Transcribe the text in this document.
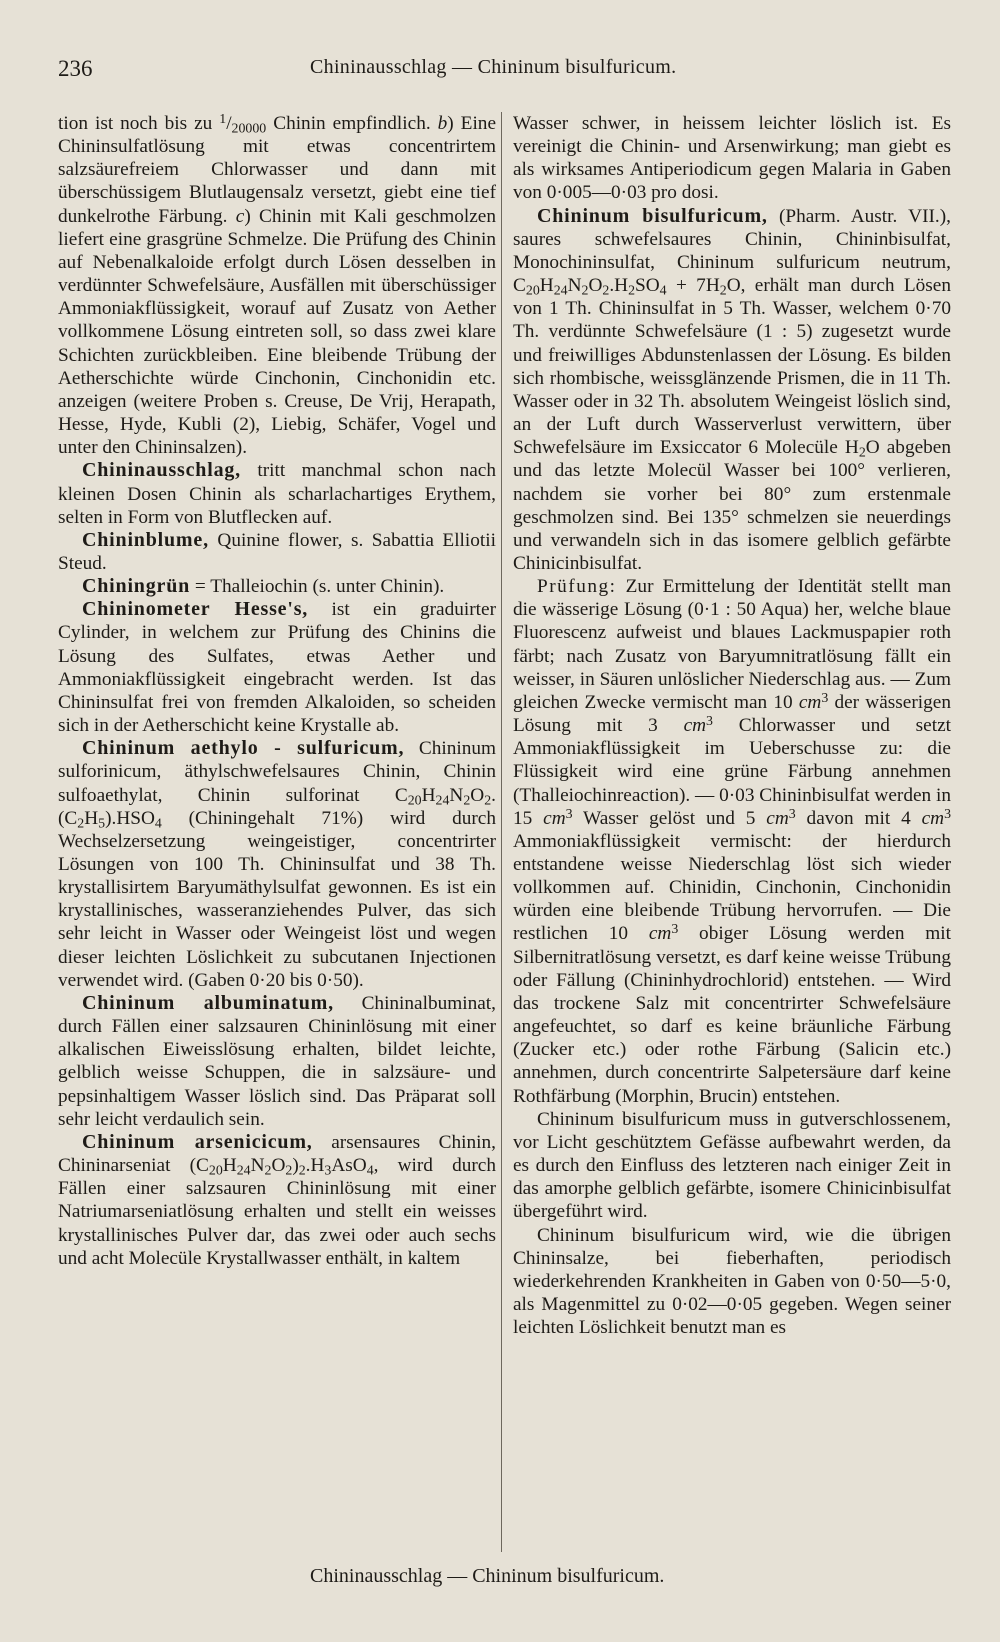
236	Chininausschlag — Chininum bisulfuricum.

tion ist noch bis zu $^1/_{20000}$ Chinin empfindlich. b) Eine Chininsulfatlösung mit etwas concentrirtem salzsäurefreiem Chlorwasser und dann mit überschüssigem Blutlaugensalz versetzt, giebt eine tief dunkelrothe Färbung. c) Chinin mit Kali geschmolzen liefert eine grasgrüne Schmelze. Die Prüfung des Chinin auf Nebenalkaloide erfolgt durch Lösen desselben in verdünnter Schwefelsäure, Ausfällen mit überschüssiger Ammoniakflüssigkeit, worauf auf Zusatz von Aether vollkommene Lösung eintreten soll, so dass zwei klare Schichten zurückbleiben. Eine bleibende Trübung der Aetherschichte würde Cinchonin, Cinchonidin etc. anzeigen (weitere Proben s. Creuse, De Vrij, Herapath, Hesse, Hyde, Kubli (2), Liebig, Schäfer, Vogel und unter den Chininsalzen).

Chininausschlag, tritt manchmal schon nach kleinen Dosen Chinin als scharlachartiges Erythem, selten in Form von Blutflecken auf.

Chininblume, Quinine flower, s. Sabattia Elliotii Steud.

Chiningrün = Thalleiochin (s. unter Chinin).

Chininometer Hesse's, ist ein graduirter Cylinder, in welchem zur Prüfung des Chinins die Lösung des Sulfates, etwas Aether und Ammoniakflüssigkeit eingebracht werden. Ist das Chininsulfat frei von fremden Alkaloiden, so scheiden sich in der Aetherschicht keine Krystalle ab.

Chininum aethylo - sulfuricum, Chininum sulforinicum, äthylschwefelsaures Chinin, Chinin sulfoaethylat, Chinin sulforinat $C_{20}H_{24}N_2O_2.(C_2H_5).HSO_4$ (Chiningehalt 71%) wird durch Wechselzersetzung weingeistiger, concentrirter Lösungen von 100 Th. Chininsulfat und 38 Th. krystallisirtem Baryumäthylsulfat gewonnen. Es ist ein krystallinisches, wasseranziehendes Pulver, das sich sehr leicht in Wasser oder Weingeist löst und wegen dieser leichten Löslichkeit zu subcutanen Injectionen verwendet wird. (Gaben 0·20 bis 0·50).

Chininum albuminatum, Chininalbuminat, durch Fällen einer salzsauren Chininlösung mit einer alkalischen Eiweisslösung erhalten, bildet leichte, gelblich weisse Schuppen, die in salzsäure- und pepsinhaltigem Wasser löslich sind. Das Präparat soll sehr leicht verdaulich sein.

Chininum arsenicicum, arsensaures Chinin, Chininarseniat $(C_{20}H_{24}N_2O_2)_2.H_3AsO_4$, wird durch Fällen einer salzsauren Chininlösung mit einer Natriumarseniatlösung erhalten und stellt ein weisses krystallinisches Pulver dar, das zwei oder auch sechs und acht Molecüle Krystallwasser enthält, in kaltem

Wasser schwer, in heissem leichter löslich ist. Es vereinigt die Chinin- und Arsenwirkung; man giebt es als wirksames Antiperiodicum gegen Malaria in Gaben von 0·005—0·03 pro dosi.

Chininum bisulfuricum, (Pharm. Austr. VII.), saures schwefelsaures Chinin, Chininbisulfat, Monochininsulfat, Chininum sulfuricum neutrum, $C_{20}H_{24}N_2O_2.H_2SO_4 + 7H_2O$, erhält man durch Lösen von 1 Th. Chininsulfat in 5 Th. Wasser, welchem 0·70 Th. verdünnte Schwefelsäure (1 : 5) zugesetzt wurde und freiwilliges Abdunstenlassen der Lösung. Es bilden sich rhombische, weissglänzende Prismen, die in 11 Th. Wasser oder in 32 Th. absolutem Weingeist löslich sind, an der Luft durch Wasserverlust verwittern, über Schwefelsäure im Exsiccator 6 Molecüle $H_2O$ abgeben und das letzte Molecül Wasser bei 100° verlieren, nachdem sie vorher bei 80° zum erstenmale geschmolzen sind. Bei 135° schmelzen sie neuerdings und verwandeln sich in das isomere gelblich gefärbte Chinicinbisulfat.

Prüfung: Zur Ermittelung der Identität stellt man die wässerige Lösung (0·1 : 50 Aqua) her, welche blaue Fluorescenz aufweist und blaues Lackmuspapier roth färbt; nach Zusatz von Baryumnitratlösung fällt ein weisser, in Säuren unlöslicher Niederschlag aus. — Zum gleichen Zwecke vermischt man 10 $cm^3$ der wässerigen Lösung mit 3 $cm^3$ Chlorwasser und setzt Ammoniakflüssigkeit im Ueberschusse zu: die Flüssigkeit wird eine grüne Färbung annehmen (Thalleiochinreaction). — 0·03 Chininbisulfat werden in 15 $cm^3$ Wasser gelöst und 5 $cm^3$ davon mit 4 $cm^3$ Ammoniakflüssigkeit vermischt: der hierdurch entstandene weisse Niederschlag löst sich wieder vollkommen auf. Chinidin, Cinchonin, Cinchonidin würden eine bleibende Trübung hervorrufen. — Die restlichen 10 $cm^3$ obiger Lösung werden mit Silbernitratlösung versetzt, es darf keine weisse Trübung oder Fällung (Chininhydrochlorid) entstehen. — Wird das trockene Salz mit concentrirter Schwefelsäure angefeuchtet, so darf es keine bräunliche Färbung (Zucker etc.) oder rothe Färbung (Salicin etc.) annehmen, durch concentrirte Salpetersäure darf keine Rothfärbung (Morphin, Brucin) entstehen.

Chininum bisulfuricum muss in gutverschlossenem, vor Licht geschütztem Gefässe aufbewahrt werden, da es durch den Einfluss des letzteren nach einiger Zeit in das amorphe gelblich gefärbte, isomere Chinicinbisulfat übergeführt wird.

Chininum bisulfuricum wird, wie die übrigen Chininsalze, bei fieberhaften, periodisch wiederkehrenden Krankheiten in Gaben von 0·50—5·0, als Magenmittel zu 0·02—0·05 gegeben. Wegen seiner leichten Löslichkeit benutzt man es

Chininausschlag — Chininum bisulfuricum.
